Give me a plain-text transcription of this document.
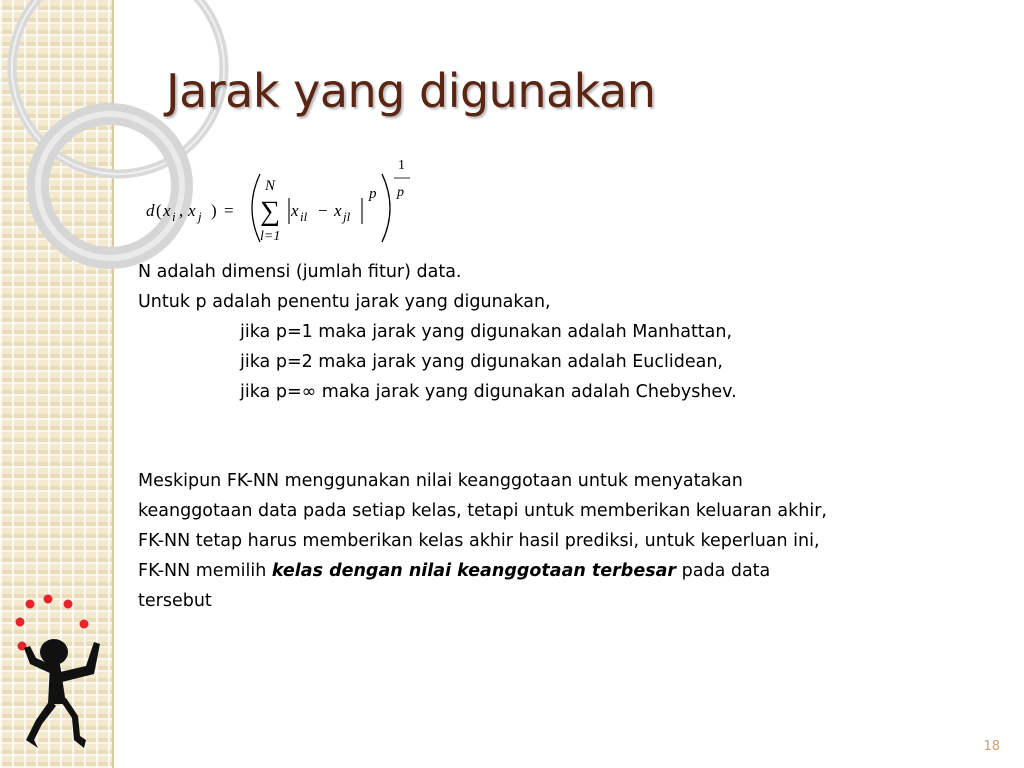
Jarak yang digunakan
d ( x i , x j ) =
N
∑
l=1
x il − x jl
p
1
p
N adalah dimensi (jumlah fitur) data.
Untuk p adalah penentu jarak yang digunakan,
jika p=1 maka jarak yang digunakan adalah Manhattan,
jika p=2 maka jarak yang digunakan adalah Euclidean,
jika p=∞ maka jarak yang digunakan adalah Chebyshev.
Meskipun FK-NN menggunakan nilai keanggotaan untuk menyatakan
keanggotaan data pada setiap kelas, tetapi untuk memberikan keluaran akhir,
FK-NN tetap harus memberikan kelas akhir hasil prediksi, untuk keperluan ini,
FK-NN memilih kelas dengan nilai keanggotaan terbesar pada data
tersebut
18
